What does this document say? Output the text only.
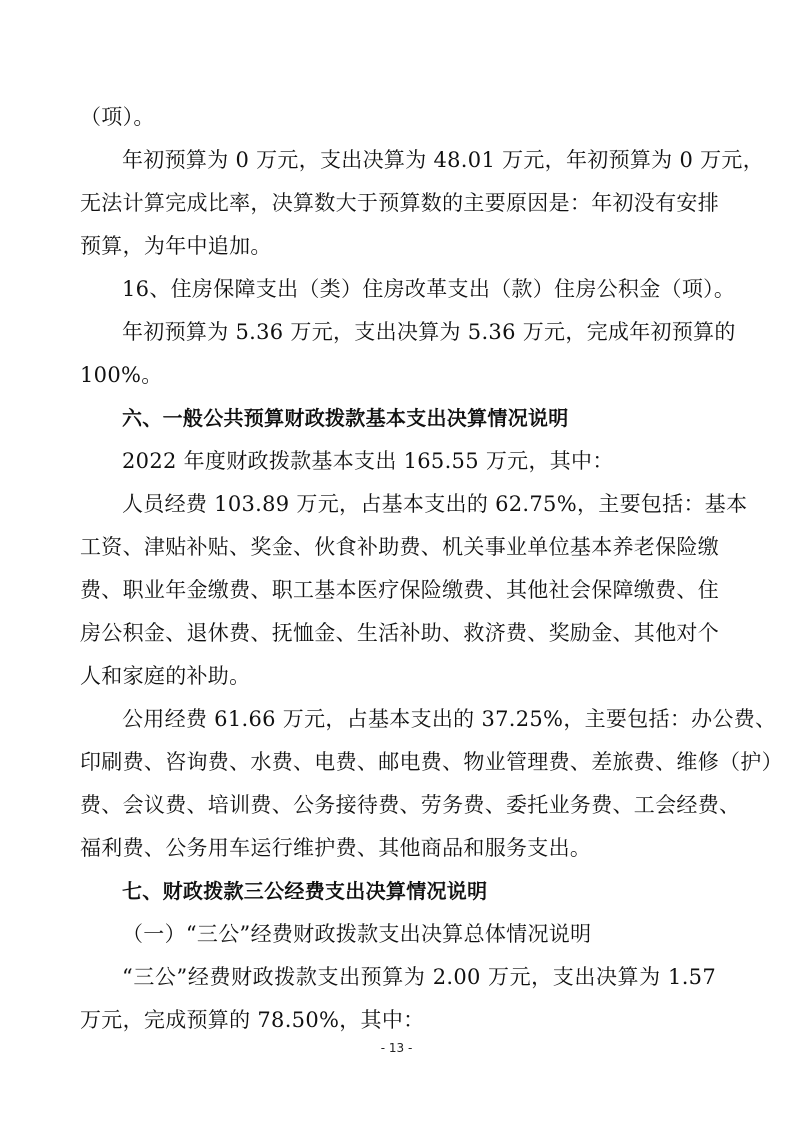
（项）。
年初预算为 0 万元，支出决算为 48.01 万元，年初预算为 0 万元，
无法计算完成比率，决算数大于预算数的主要原因是：年初没有安排
预算，为年中追加。
16、住房保障支出（类）住房改革支出（款）住房公积金（项）。
年初预算为 5.36 万元，支出决算为 5.36 万元，完成年初预算的
100%。
六、一般公共预算财政拨款基本支出决算情况说明
2022 年度财政拨款基本支出 165.55 万元，其中：
人员经费 103.89 万元，占基本支出的 62.75%，主要包括：基本
工资、津贴补贴、奖金、伙食补助费、机关事业单位基本养老保险缴
费、职业年金缴费、职工基本医疗保险缴费、其他社会保障缴费、住
房公积金、退休费、抚恤金、生活补助、救济费、奖励金、其他对个
人和家庭的补助。
公用经费 61.66 万元，占基本支出的 37.25%，主要包括：办公费、
印刷费、咨询费、水费、电费、邮电费、物业管理费、差旅费、维修（护）
费、会议费、培训费、公务接待费、劳务费、委托业务费、工会经费、
福利费、公务用车运行维护费、其他商品和服务支出。
七、财政拨款三公经费支出决算情况说明
（一）“三公”经费财政拨款支出决算总体情况说明
“三公”经费财政拨款支出预算为 2.00 万元，支出决算为 1.57
万元，完成预算的 78.50%，其中：
- 13 -
